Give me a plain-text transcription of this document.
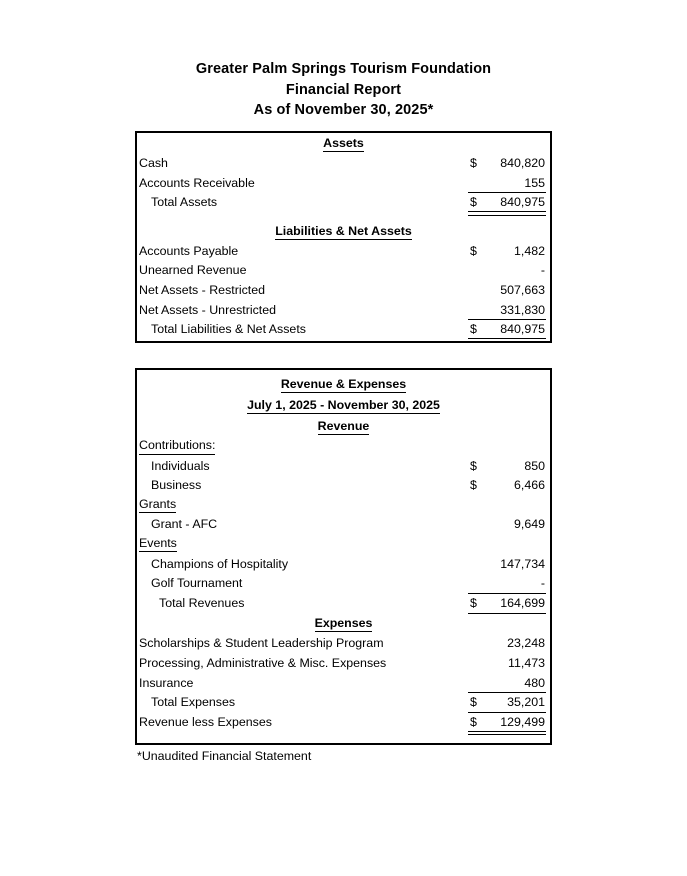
Greater Palm Springs Tourism Foundation
Financial Report
As of November 30, 2025*
Assets
Cash	$	840,820
Accounts Receivable	155
Total Assets	$	840,975
Liabilities & Net Assets
Accounts Payable	$	1,482
Unearned Revenue	-
Net Assets - Restricted	507,663
Net Assets - Unrestricted	331,830
Total Liabilities & Net Assets	$	840,975
Revenue & Expenses
July 1, 2025 - November 30, 2025
Revenue
Contributions:
Individuals	$	850
Business	$	6,466
Grants
Grant - AFC	9,649
Events
Champions of Hospitality	147,734
Golf Tournament	-
Total Revenues	$	164,699
Expenses
Scholarships & Student Leadership Program	23,248
Processing, Administrative & Misc. Expenses	11,473
Insurance	480
Total Expenses	$	35,201
Revenue less Expenses	$	129,499
*Unaudited Financial Statement
